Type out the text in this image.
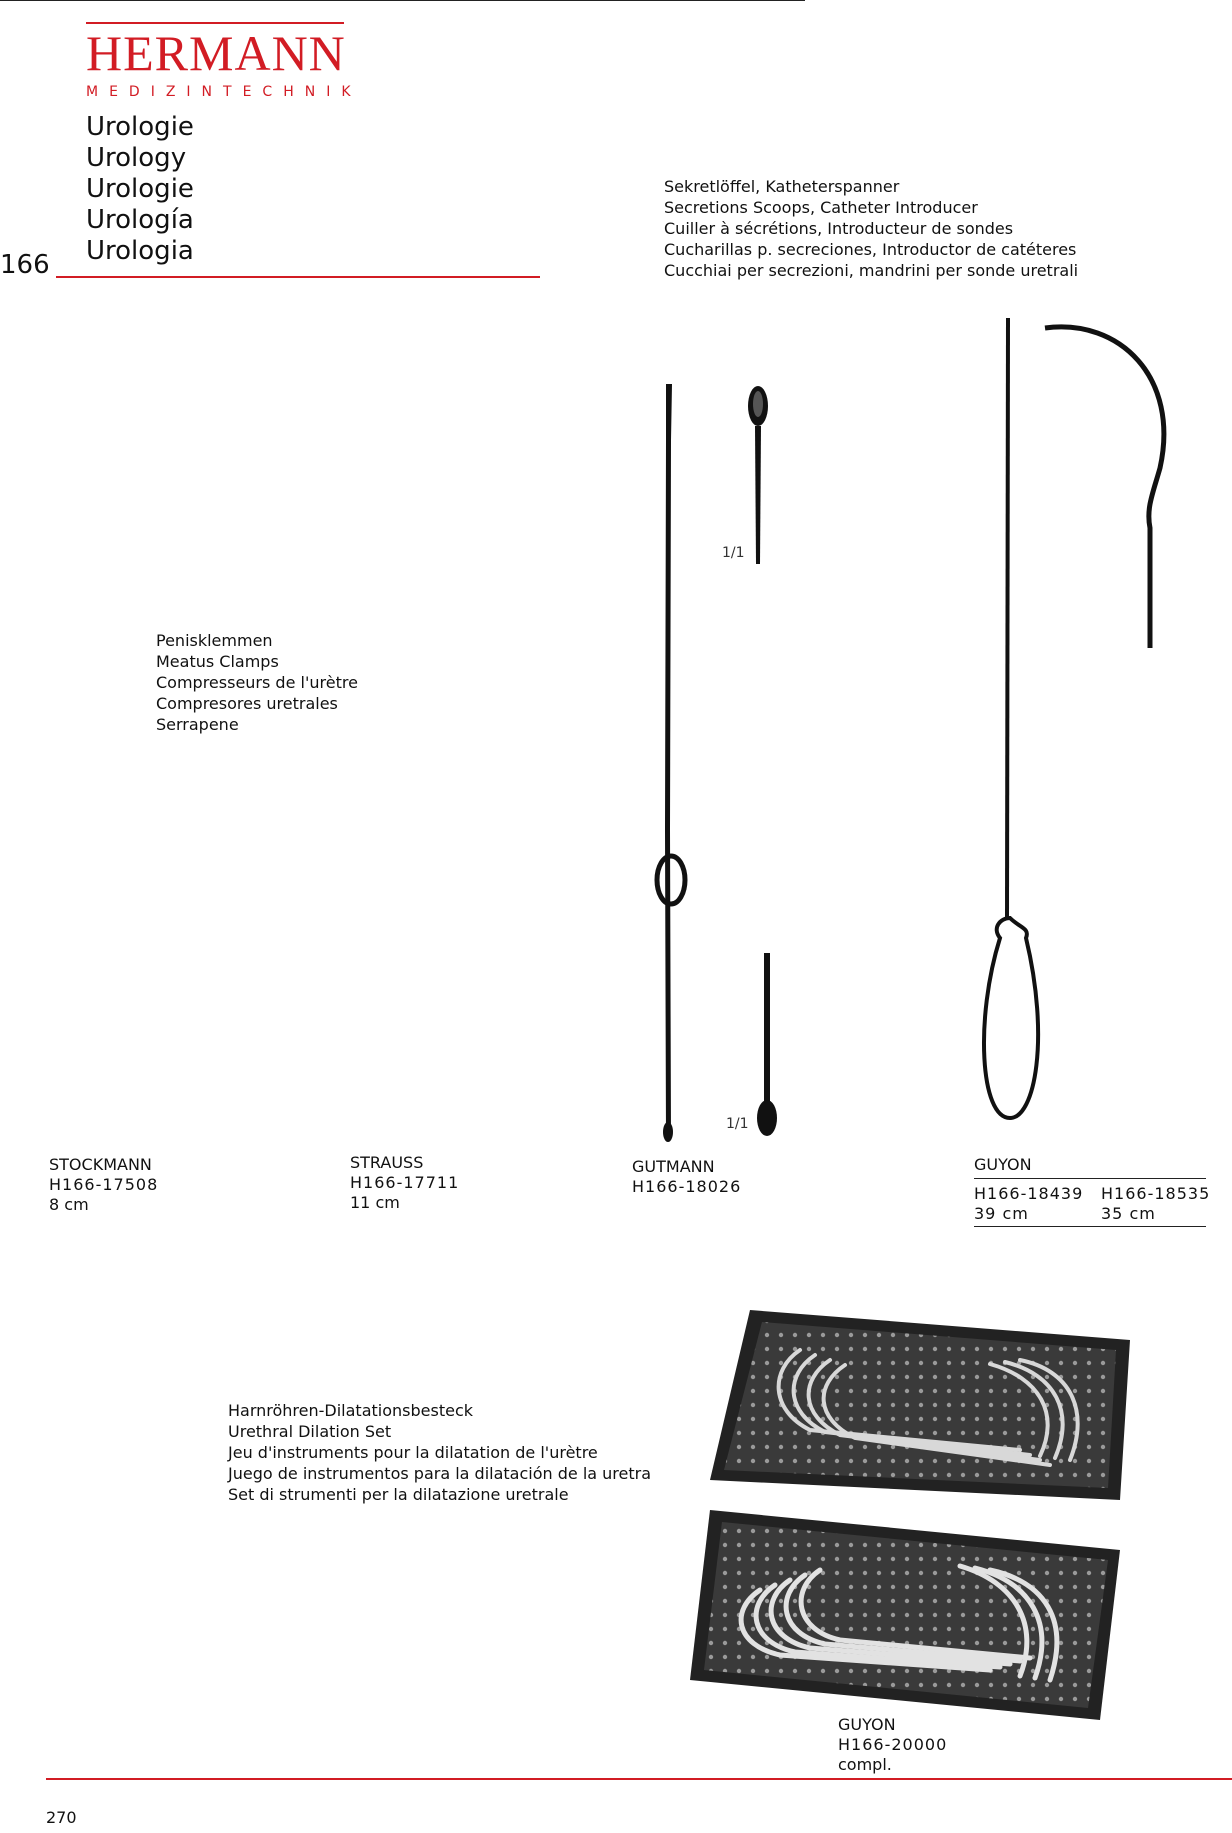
HERMANN
MEDIZINTECHNIK
Urologie
Urology
Urologie
Urología
Urologia
166
Sekretlöffel, Katheterspanner
Secretions Scoops, Catheter Introducer
Cuiller à sécrétions, Introducteur de sondes
Cucharillas p. secreciones, Introductor de catéteres
Cucchiai per secrezioni, mandrini per sonde uretrali
Penisklemmen
Meatus Clamps
Compresseurs de l'urètre
Compresores uretrales
Serrapene
1/1
1/1
STOCKMANN
H166-17508
8 cm
STRAUSS
H166-17711
11 cm
GUTMANN
H166-18026
GUYON
H166-18439
39 cm
H166-18535
35 cm
Harnröhren-Dilatationsbesteck
Urethral Dilation Set
Jeu d'instruments pour la dilatation de l'urètre
Juego de instrumentos para la dilatación de la uretra
Set di strumenti per la dilatazione uretrale
GUYON
H166-20000
compl.
270
